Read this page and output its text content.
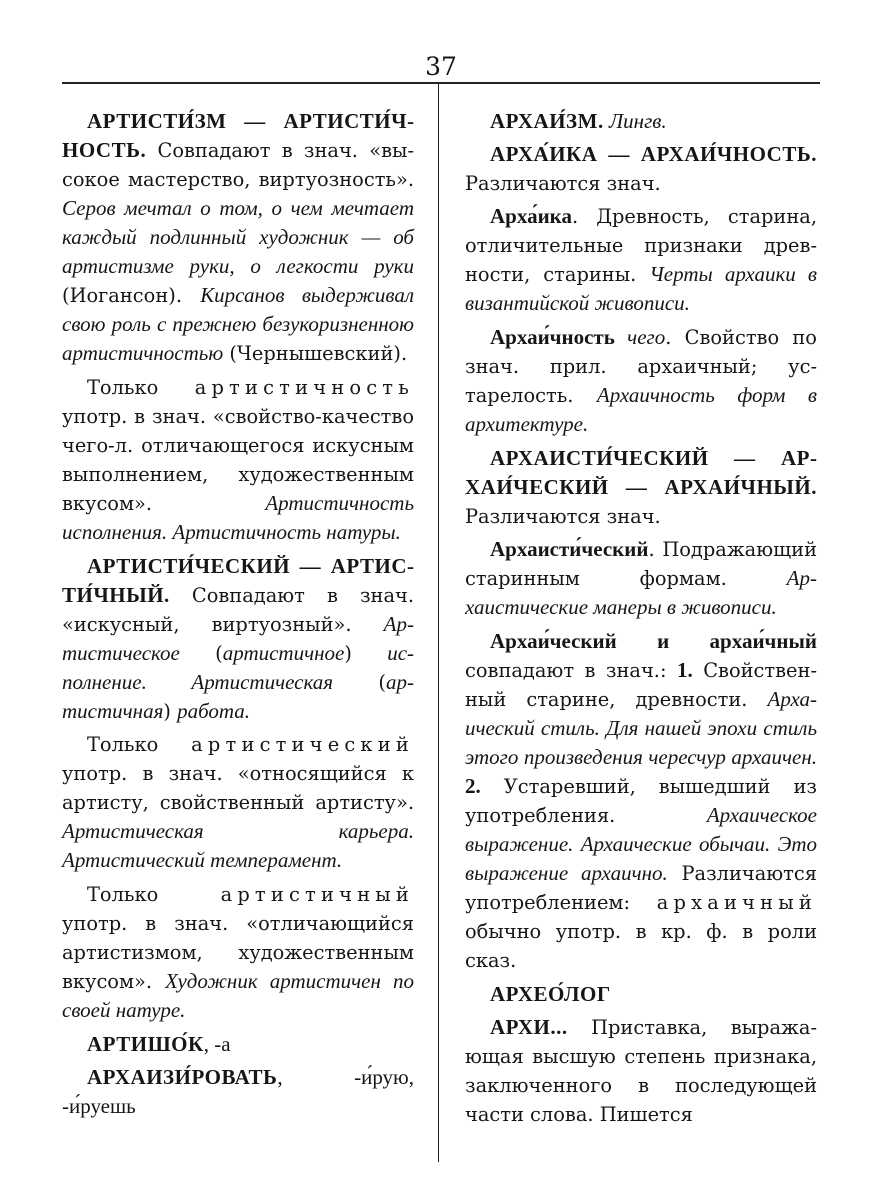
37

АРТИСТИ́ЗМ — АРТИСТИ́ЧНОСТЬ. Совпадают в знач. «высокое мастерство, виртуозность». Серов мечтал о том, о чем мечтает каждый подлинный художник — об артистизме руки, о легкости руки (Иогансон). Кирсанов выдерживал свою роль с прежнею безукоризненною артистичностью (Чернышевский).

Только артистичность употр. в знач. «свойство-качество чего-л. отличающегося искусным выполнением, художественным вкусом». Артистичность исполнения. Артистичность натуры.

АРТИСТИ́ЧЕСКИЙ — АРТИСТИ́ЧНЫЙ. Совпадают в знач. «искусный, виртуозный». Артистическое (артистичное) исполнение. Артистическая (артистичная) работа.

Только артистический употр. в знач. «относящийся к артисту, свойственный артисту». Артистическая карьера. Артистический темперамент.

Только артистичный употр. в знач. «отличающийся артистизмом, художественным вкусом». Художник артистичен по своей натуре.

АРТИШО́К, -а

АРХАИЗИ́РОВАТЬ, -и́рую, -и́руешь

АРХАИ́ЗМ. Лингв.

АРХА́ИКА — АРХАИ́ЧНОСТЬ. Различаются знач.

Арха́ика. Древность, старина, отличительные признаки древности, старины. Черты архаики в византийской живописи.

Архаи́чность чего. Свойство по знач. прил. архаичный; устарелость. Архаичность форм в архитектуре.

АРХАИСТИ́ЧЕСКИЙ — АРХАИ́ЧЕСКИЙ — АРХАИ́ЧНЫЙ. Различаются знач.

Архаисти́ческий. Подражающий старинным формам. Архаистические манеры в живописи.

Архаи́ческий и архаи́чный совпадают в знач.: 1. Свойственный старине, древности. Архаический стиль. Для нашей эпохи стиль этого произведения чересчур архаичен. 2. Устаревший, вышедший из употребления. Архаическое выражение. Архаические обычаи. Это выражение архаично. Различаются употреблением: архаичный обычно употр. в кр. ф. в роли сказ.

АРХЕО́ЛОГ

АРХИ... Приставка, выражающая высшую степень признака, заключенного в последующей части слова. Пишется
